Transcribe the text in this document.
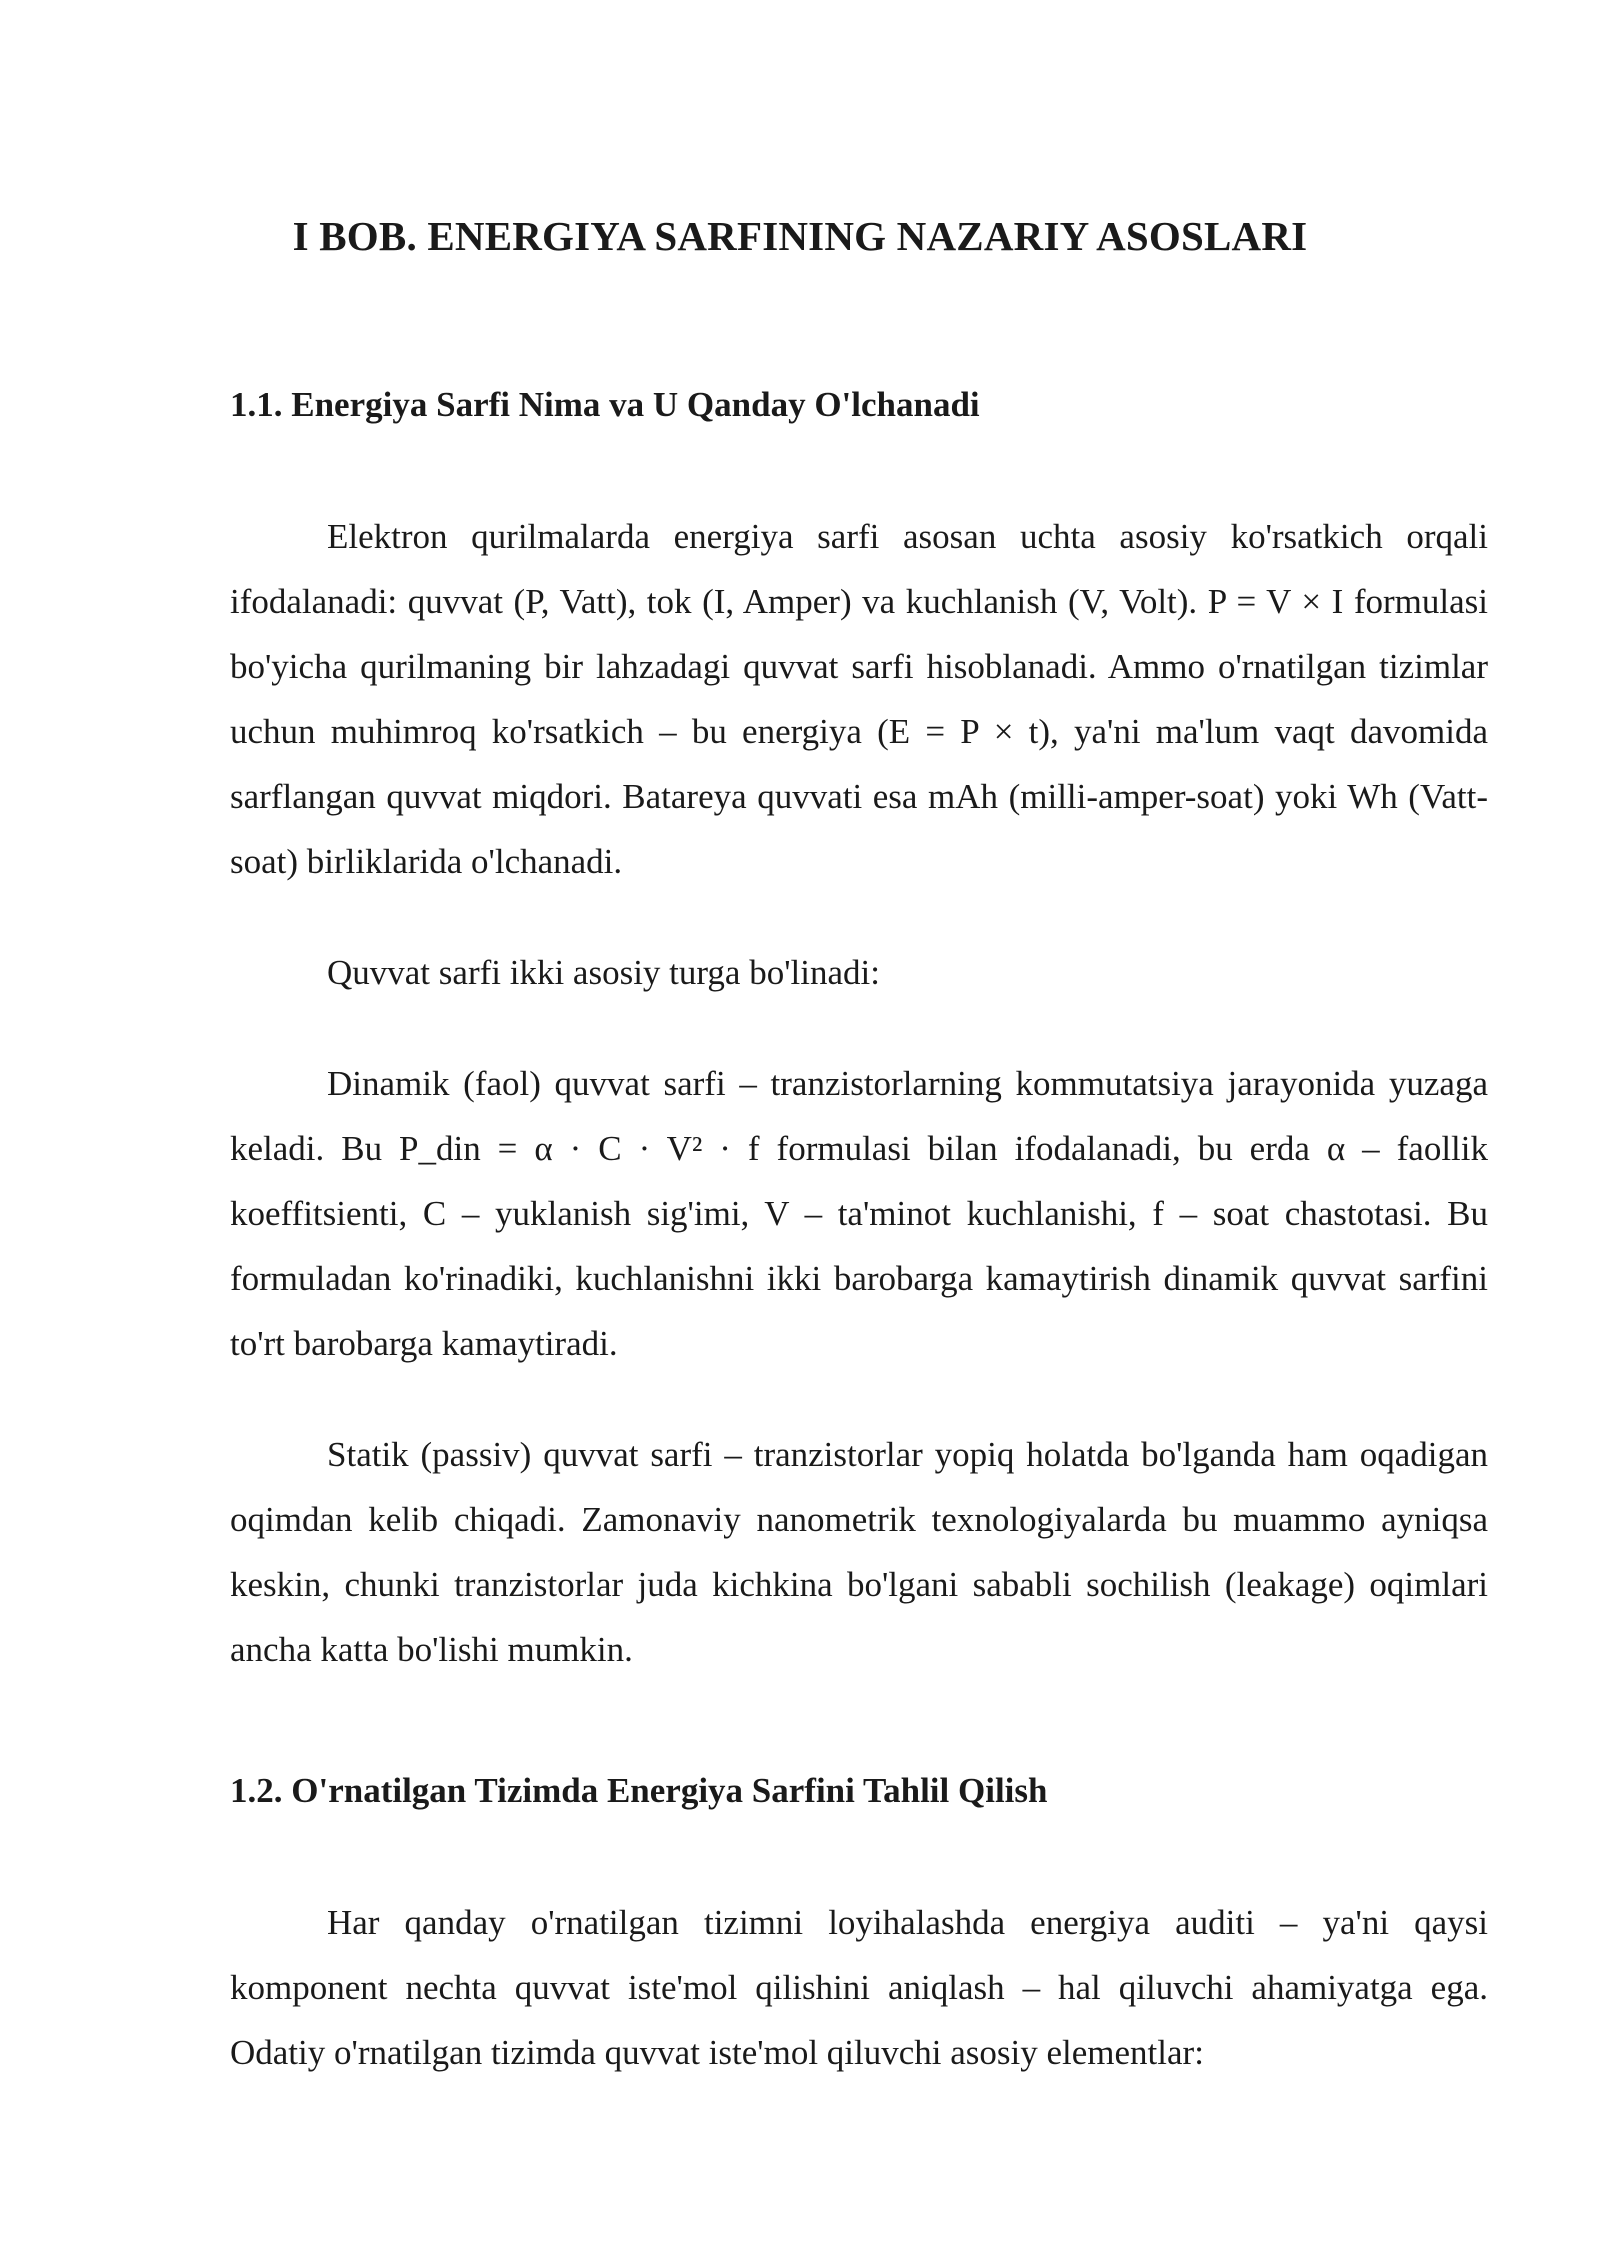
I BOB. ENERGIYA SARFINING NAZARIY ASOSLARI
1.1. Energiya Sarfi Nima va U Qanday O'lchanadi

Elektron qurilmalarda energiya sarfi asosan uchta asosiy ko'rsatkich orqali ifodalanadi: quvvat (P, Vatt), tok (I, Amper) va kuchlanish (V, Volt). P = V × I formulasi bo'yicha qurilmaning bir lahzadagi quvvat sarfi hisoblanadi. Ammo o'rnatilgan tizimlar uchun muhimroq ko'rsatkich – bu energiya (E = P × t), ya'ni ma'lum vaqt davomida sarflangan quvvat miqdori. Batareya quvvati esa mAh (milli-amper-soat) yoki Wh (Vatt-soat) birliklarida o'lchanadi.

Quvvat sarfi ikki asosiy turga bo'linadi:

Dinamik (faol) quvvat sarfi – tranzistorlarning kommutatsiya jarayonida yuzaga keladi. Bu P_din = α · C · V² · f formulasi bilan ifodalanadi, bu erda α – faollik koeffitsienti, C – yuklanish sig'imi, V – ta'minot kuchlanishi, f – soat chastotasi. Bu formuladan ko'rinadiki, kuchlanishni ikki barobarga kamaytirish dinamik quvvat sarfini to'rt barobarga kamaytiradi.

Statik (passiv) quvvat sarfi – tranzistorlar yopiq holatda bo'lganda ham oqadigan oqimdan kelib chiqadi. Zamonaviy nanometrik texnologiyalarda bu muammo ayniqsa keskin, chunki tranzistorlar juda kichkina bo'lgani sababli sochilish (leakage) oqimlari ancha katta bo'lishi mumkin.

1.2. O'rnatilgan Tizimda Energiya Sarfini Tahlil Qilish

Har qanday o'rnatilgan tizimni loyihalashda energiya auditi – ya'ni qaysi komponent nechta quvvat iste'mol qilishini aniqlash – hal qiluvchi ahamiyatga ega. Odatiy o'rnatilgan tizimda quvvat iste'mol qiluvchi asosiy elementlar:
